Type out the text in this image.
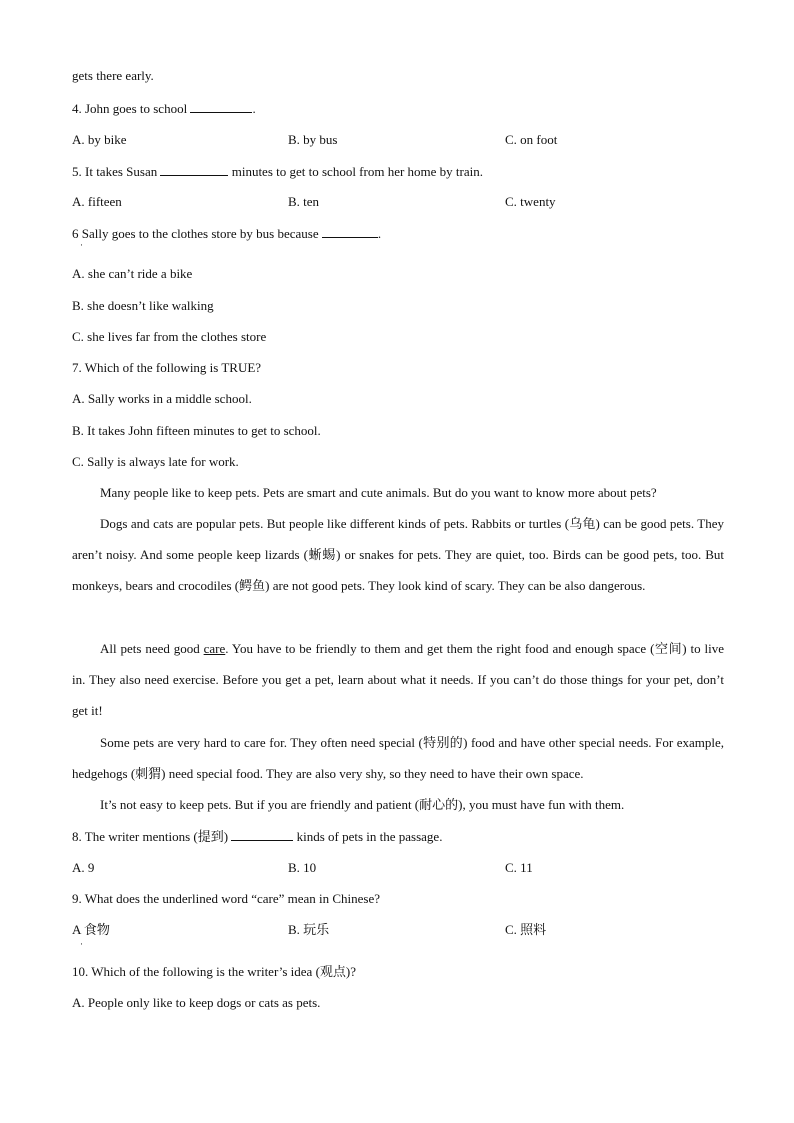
gets there early.
4. John goes to school	.
A. by bike	B. by bus	C. on foot
5. It takes Susan	minutes to get to school from her home by train.
A. fifteen	B. ten	C. twenty
6 Sally goes to the clothes store by bus because	.
·
A. she can’t ride a bike
B. she doesn’t like walking
C. she lives far from the clothes store
7. Which of the following is TRUE?
A. Sally works in a middle school.
B. It takes John fifteen minutes to get to school.
C. Sally is always late for work.
Many people like to keep pets. Pets are smart and cute animals. But do you want to know more about pets?
Dogs and cats are popular pets. But people like different kinds of pets. Rabbits or turtles (乌龟) can be good pets. They aren’t noisy. And some people keep lizards (蜥蜴) or snakes for pets. They are quiet, too. Birds can be good pets, too. But monkeys, bears and crocodiles (鳄鱼) are not good pets. They look kind of scary. They can be also dangerous.
All pets need good care. You have to be friendly to them and get them the right food and enough space (空间) to live in. They also need exercise. Before you get a pet, learn about what it needs. If you can’t do those things for your pet, don’t get it!
Some pets are very hard to care for. They often need special (特别的) food and have other special needs. For example, hedgehogs (刺猬) need special food. They are also very shy, so they need to have their own space.
It’s not easy to keep pets. But if you are friendly and patient (耐心的), you must have fun with them.
8. The writer mentions (提到)	kinds of pets in the passage.
A. 9	B. 10	C. 11
9. What does the underlined word “care” mean in Chinese?
A 食物	B. 玩乐	C. 照料
·
10. Which of the following is the writer’s idea (观点)?
A. People only like to keep dogs or cats as pets.
